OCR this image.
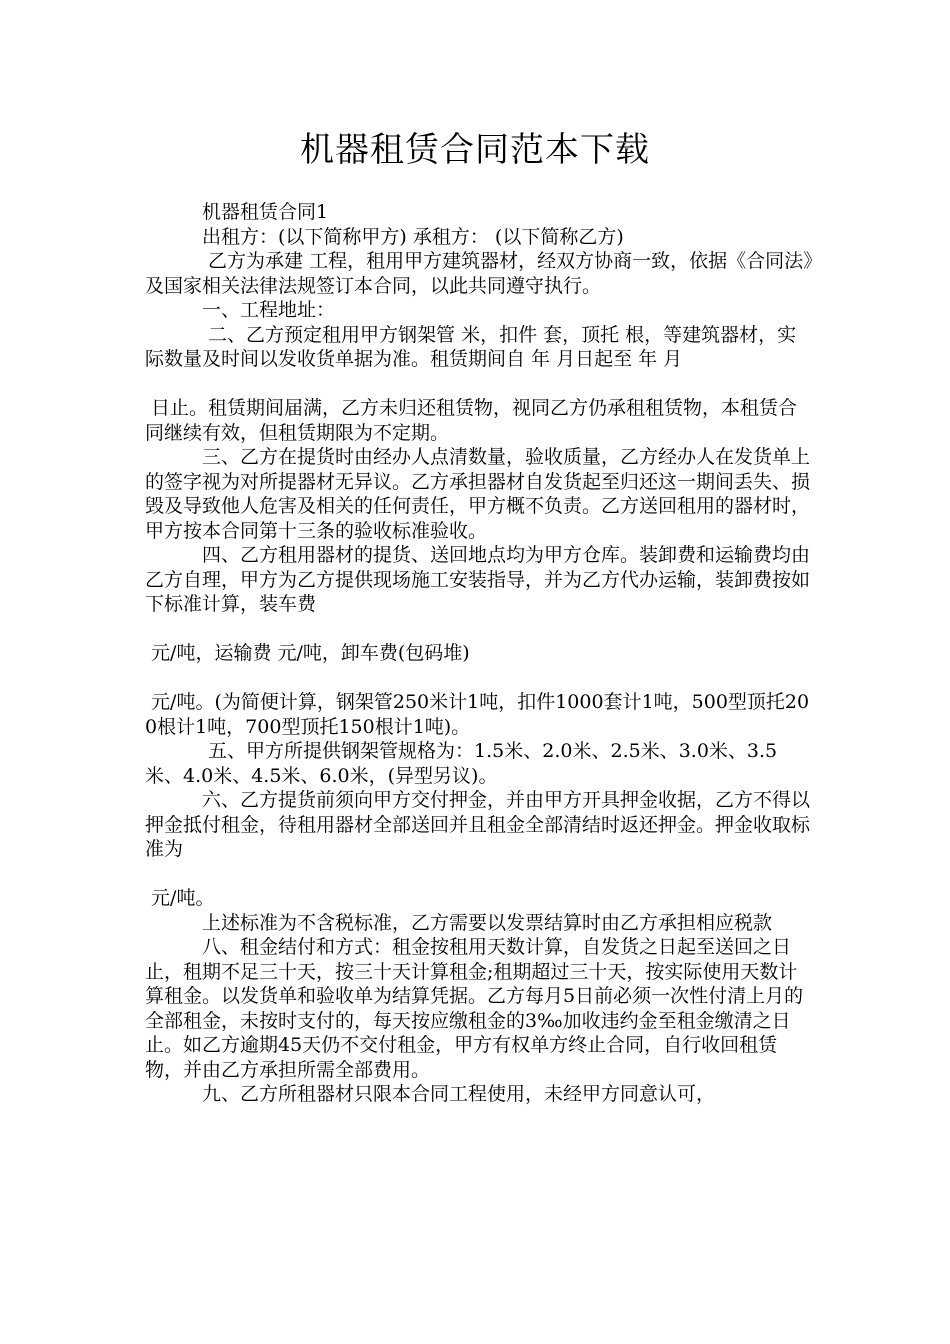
机器租赁合同范本下载

机器租赁合同1

出租方：(以下简称甲方) 承租方： (以下简称乙方)

乙方为承建 工程，租用甲方建筑器材，经双方协商一致，依据《合同法》及国家相关法律法规签订本合同，以此共同遵守执行。

一、工程地址：

二、乙方预定租用甲方钢架管 米，扣件 套，顶托 根，等建筑器材，实际数量及时间以发收货单据为准。租赁期间自 年 月日起至 年 月

日止。租赁期间届满，乙方未归还租赁物，视同乙方仍承租租赁物，本租赁合同继续有效，但租赁期限为不定期。

三、乙方在提货时由经办人点清数量，验收质量，乙方经办人在发货单上的签字视为对所提器材无异议。乙方承担器材自发货起至归还这一期间丢失、损毁及导致他人危害及相关的任何责任，甲方概不负责。乙方送回租用的器材时，甲方按本合同第十三条的验收标准验收。

四、乙方租用器材的提货、送回地点均为甲方仓库。装卸费和运输费均由乙方自理，甲方为乙方提供现场施工安装指导，并为乙方代办运输，装卸费按如下标准计算，装车费

元/吨，运输费 元/吨，卸车费(包码堆)

元/吨。(为简便计算，钢架管250米计1吨，扣件1000套计1吨，500型顶托200根计1吨，700型顶托150根计1吨)。

五、甲方所提供钢架管规格为：1.5米、2.0米、2.5米、3.0米、3.5米、4.0米、4.5米、6.0米，(异型另议)。

六、乙方提货前须向甲方交付押金，并由甲方开具押金收据，乙方不得以押金抵付租金，待租用器材全部送回并且租金全部清结时返还押金。押金收取标准为

元/吨。

上述标准为不含税标准，乙方需要以发票结算时由乙方承担相应税款

八、租金结付和方式：租金按租用天数计算，自发货之日起至送回之日止，租期不足三十天，按三十天计算租金;租期超过三十天，按实际使用天数计算租金。以发货单和验收单为结算凭据。乙方每月5日前必须一次性付清上月的全部租金，未按时支付的，每天按应缴租金的3‰加收违约金至租金缴清之日止。如乙方逾期45天仍不交付租金，甲方有权单方终止合同，自行收回租赁物，并由乙方承担所需全部费用。

九、乙方所租器材只限本合同工程使用，未经甲方同意认可，
